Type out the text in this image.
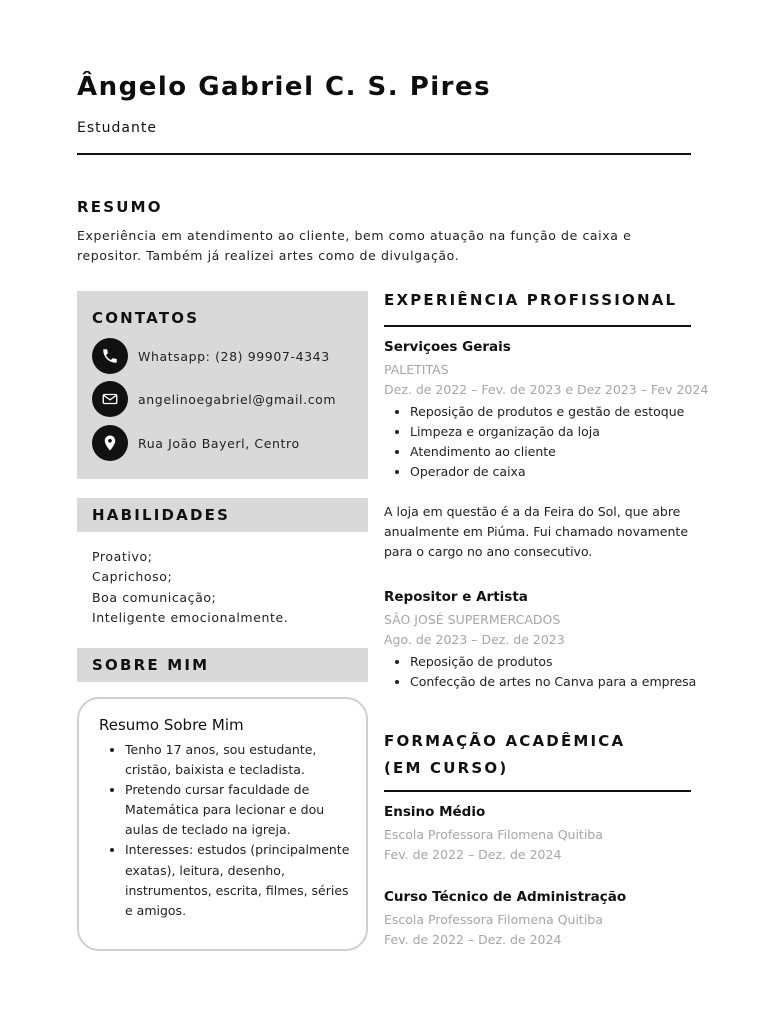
Ângelo Gabriel C. S. Pires
Estudante
RESUMO
Experiência em atendimento ao cliente, bem como atuação na função de caixa e repositor. Também já realizei artes como de divulgação.
CONTATOS
Whatsapp: (28) 99907-4343
angelinoegabriel@gmail.com
Rua João Bayerl, Centro
HABILIDADES
Proativo;
Caprichoso;
Boa comunicação;
Inteligente emocionalmente.
SOBRE MIM
Resumo Sobre Mim
• Tenho 17 anos, sou estudante, cristão, baixista e tecladista.
• Pretendo cursar faculdade de Matemática para lecionar e dou aulas de teclado na igreja.
• Interesses: estudos (principalmente exatas), leitura, desenho, instrumentos, escrita, filmes, séries e amigos.
EXPERIÊNCIA PROFISSIONAL
Serviçoes Gerais
PALETITAS
Dez. de 2022 – Fev. de 2023 e Dez 2023 – Fev 2024
• Reposição de produtos e gestão de estoque
• Limpeza e organização da loja
• Atendimento ao cliente
• Operador de caixa
A loja em questão é a da Feira do Sol, que abre anualmente em Piúma. Fui chamado novamente para o cargo no ano consecutivo.
Repositor e Artista
SÃO JOSÉ SUPERMERCADOS
Ago. de 2023 – Dez. de 2023
• Reposição de produtos
• Confecção de artes no Canva para a empresa
FORMAÇÃO ACADÊMICA
(EM CURSO)
Ensino Médio
Escola Professora Filomena Quitiba
Fev. de 2022 – Dez. de 2024
Curso Técnico de Administração
Escola Professora Filomena Quitiba
Fev. de 2022 – Dez. de 2024
